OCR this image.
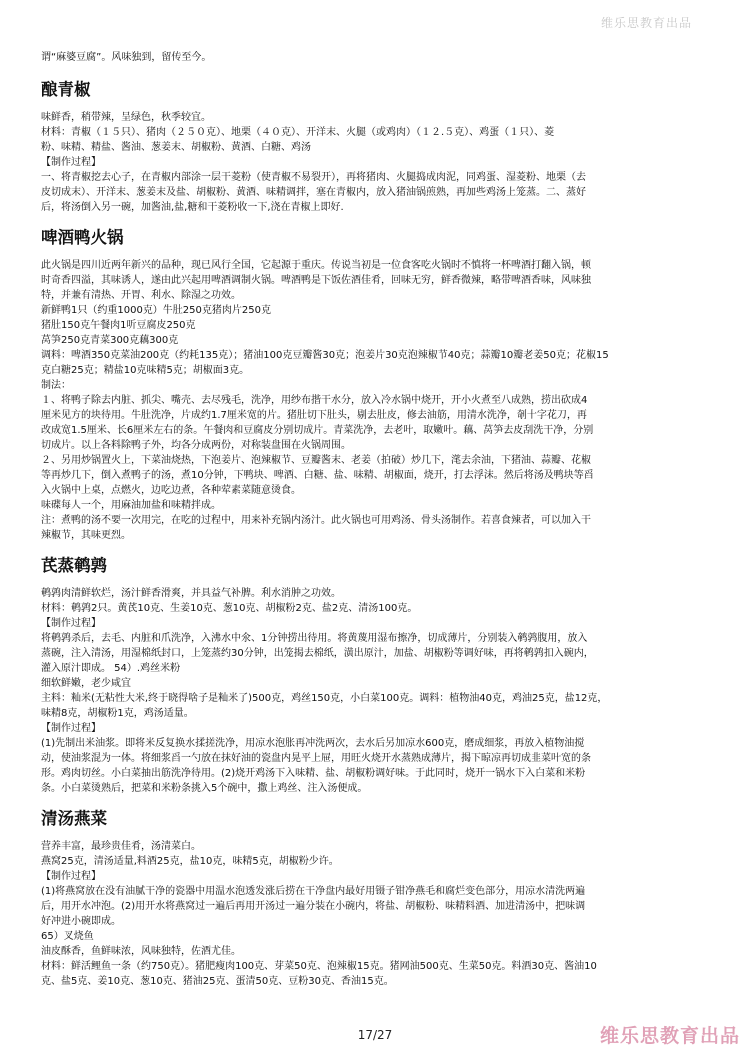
维乐思教育出品

谓“麻婆豆腐”。风味独到，留传至今。

酿青椒

味鲜香，稍带辣，呈绿色，秋季较宜。

材料：青椒（１５只）、猪肉（２５０克）、地栗（４０克）、开洋末、火腿（或鸡肉）（１２.５克）、鸡蛋（１只）、菱

粉、味精、精盐、酱油、葱姜末、胡椒粉、黄酒、白糖、鸡汤

【制作过程】

一、将青椒挖去心子，在青椒内部涂一层干菱粉（使青椒不易裂开），再将猪肉、火腿捣成肉泥，同鸡蛋、湿菱粉、地栗（去

皮切成末）、开洋末、葱姜末及盐、胡椒粉、黄酒、味精调拌，塞在青椒内，放入猪油锅煎熟，再加些鸡汤上笼蒸。二、蒸好

后，将汤倒入另一碗，加酱油,盐,糖和干菱粉收一下,浇在青椒上即好.

啤酒鸭火锅

此火锅是四川近两年新兴的品种，现已风行全国，它起源于重庆。传说当初是一位食客吃火锅时不慎将一杯啤酒打翻入锅，顿

时奇香四溢，其味诱人，遂由此兴起用啤酒调制火锅。啤酒鸭是下饭佐酒佳肴，回味无穷，鲜香微辣，略带啤酒香味，风味独

特，并兼有清热、开胃、利水、除湿之功效。

新鲜鸭1只（约重1000克）牛肚250克猪肉片250克

猪肚150克午餐肉1听豆腐皮250克

莴笋250克青菜300克藕300克

调料：啤酒350克菜油200克（约耗135克）；猪油100克豆瓣酱30克；泡姜片30克泡辣椒节40克；蒜瓣10瓣老姜50克；花椒15

克白糖25克；精盐10克味精5克；胡椒面3克。

制法：

１、将鸭子除去内脏、抓尖、嘴壳、去尽残毛，洗净，用纱布揩干水分，放入冷水锅中烧开，开小火煮至八成熟，捞出砍成4

厘米见方的块待用。牛肚洗净，片成约1.7厘米宽的片。猪肚切下肚头，剔去肚皮，修去油筋，用清水洗净，剞十字花刀，再

改成宽1.5厘米、长6厘米左右的条。午餐肉和豆腐皮分别切成片。青菜洗净，去老叶，取嫩叶。藕、莴笋去皮刮洗干净，分别

切成片。以上各料除鸭子外，均各分成两份，对称装盘围在火锅周围。

２、另用炒锅置火上，下菜油烧热，下泡姜片、泡辣椒节、豆瓣酱末、老姜（拍破）炒几下，滗去余油，下猪油、蒜瓣、花椒

等再炒几下，倒入煮鸭子的汤，煮10分钟，下鸭块、啤酒、白糖、盐、味精、胡椒面，烧开，打去浮沫。然后将汤及鸭块等舀

入火锅中上桌，点燃火，边吃边煮，各种荤素菜随意烫食。

味碟每人一个，用麻油加盐和味精拌成。

注：煮鸭的汤不要一次用完，在吃的过程中，用来补充锅内汤汁。此火锅也可用鸡汤、骨头汤制作。若喜食辣者，可以加入干

辣椒节，其味更烈。

芪蒸鹌鹑

鹌鹑肉清鲜软烂，汤汁鲜香滑爽，并具益气补脾。利水消肿之功效。

材料：鹌鹑2只。黄芪10克、生姜10克、葱10克、胡椒粉2克、盐2克、清汤100克。

【制作过程】

将鹌鹑杀后，去毛、内脏和爪洗净，入沸水中氽、1分钟捞出待用。将黄蔑用湿布擦净，切成薄片，分别装入鹌鹑腹用，放入

蒸碗，注入清汤，用湿棉纸封口，上笼蒸约30分钟，出笼揭去棉纸，潢出原汁，加盐、胡椒粉等调好味，再将鹌鹑扣入碗内，

灌入原汁即成。 54）.鸡丝米粉

细软鲜嫩，老少咸宜

主料：籼米(无粘性大米,终于晓得啥子是籼米了)500克，鸡丝150克，小白菜100克。调料：植物油40克，鸡油25克，盐12克，

味精8克，胡椒粉1克，鸡汤适量。

【制作过程】

(1)先制出米油浆。即将米反复换水揉搓洗净，用凉水泡胀再冲洗两次，去水后另加凉水600克，磨成细浆，再放入植物油搅

动，使油浆混为一体。将细浆舀一勺放在抹好油的瓷盘内晃平上屉，用旺火烧开水蒸熟成薄片，揭下晾凉再切成韭菜叶宽的条

形。鸡肉切丝。小白菜抽出筋洗净待用。(2)烧开鸡汤下入味精、盐、胡椒粉调好味。于此同时，烧开一锅水下入白菜和米粉

条。小白菜烫熟后，把菜和米粉条挑入5个碗中，撒上鸡丝、注入汤便成。

清汤燕菜

营养丰富，最珍贵佳肴，汤清菜白。

燕窝25克，清汤适量,料酒25克，盐10克，味精5克，胡椒粉少许。

【制作过程】

(1)将燕窝放在没有油腻干净的瓷器中用温水泡透发涨后捞在干净盘内最好用镊子钳净燕毛和腐烂变色部分，用凉水清洗两遍

后，用开水冲泡。(2)用开水将燕窝过一遍后再用开汤过一遍分装在小碗内，将盐、胡椒粉、味精料酒、加进清汤中，把味调

好冲进小碗即成。

65）叉烧鱼

油皮酥香，鱼鲜味浓，风味独特，佐酒尤佳。

材料：鲜活鲤鱼一条（约750克）。猪肥瘦肉100克、芽菜50克、泡辣椒15克。猪网油500克、生菜50克。料酒30克、酱油10

克、盐5克、姜10克、葱10克、猪油25克、蛋清50克、豆粉30克、香油15克。

17/27	维乐思教育出品
